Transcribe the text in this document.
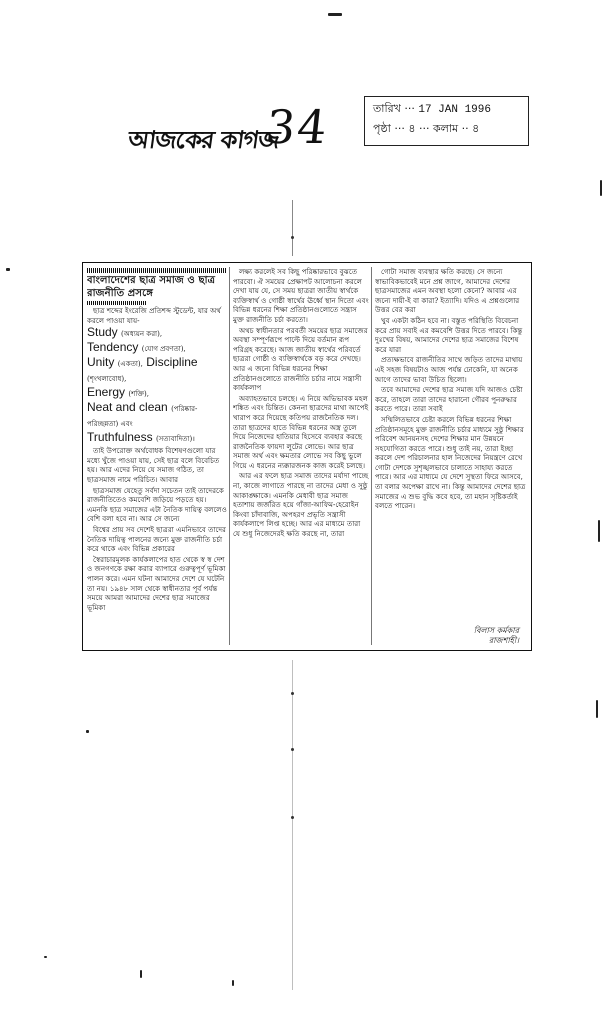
আজকের কাগজ
34	তারিখ ··· 17 JAN 1996
পৃষ্ঠা ··· ৪ ··· কলাম ·· ৪

বাংলাদেশের ছাত্র সমাজ ও ছাত্র রাজনীতি প্রসঙ্গে

ছাত্র শব্দের ইংরেজি প্রতিশব্দ স্টুডেন্ট, যার অর্থ করলে পাওয়া যায়-

Study (অধ্যয়ন করা),
Tendency (যোগ প্রবণতা),
Unity (একতা), Discipline (শৃংখলাবোধ),
Energy (শক্তি),
Neat and clean (পরিষ্কার-পরিচ্ছন্নতা) এবং
Truthfulness (সত্যবাদিতা)।

তাই উপরোক্ত অর্থবোধক বিশেষণগুলো যার মধ্যে খুঁজে পাওয়া যায়, সেই ছাত্র বলে বিবেচিত হয়। আর এদের নিয়ে যে সমাজ গঠিত, তা ছাত্রসমাজ নামে পরিচিত। আবার

ছাত্রসমাজ যেহেতু সর্বদা সচেতন তাই তাদেরকে রাজনীতিতেও কমবেশি জড়িয়ে পড়তে হয়। এমনকি ছাত্র সমাজের এটা নৈতিক দায়িত্ব বললেও বেশি বলা হবে না। আর সে জন্যে

বিশ্বের প্রায় সব দেশেই ছাত্ররা এমনিভাবে তাদের নৈতিক দায়িত্ব পালনের জন্যে মুক্ত রাজনীতি চর্চা করে থাকে এবং বিভিন্ন প্রকারের

স্বৈরাচারমূলক কার্যকলাপের হাত থেকে স্ব স্ব দেশ ও জনগণকে রক্ষা করার ব্যাপারে গুরুত্বপূর্ণ ভূমিকা পালন করে। এমন ঘটনা আমাদের দেশে যে ঘটেনি তা নয়। ১৯৪৮ সাল থেকে স্বাধীনতার পূর্ব পর্যন্ত সময়ে আমরা আমাদের দেশের ছাত্র সমাজের ভূমিকা

লক্ষ্য করলেই সব কিছু পরিষ্কারভাবে বুঝতে পারবো। ঐ সময়ের প্রেক্ষাপট আলোচনা করলে দেখা যায় যে, সে সময় ছাত্ররা জাতীয় স্বার্থকে ব্যক্তিস্বার্থ ও গোষ্ঠী স্বার্থের ঊর্ধ্বে স্থান দিতো এবং বিভিন্ন ধরনের শিক্ষা প্রতিষ্ঠানগুলোতে সন্ত্রাস মুক্ত রাজনীতি চর্চা করতো।

অথচ স্বাধীনতার পরবর্তী সময়ের ছাত্র সমাজের অবস্থা সম্পূর্ণরূপে পাল্টে দিয়ে বর্তমান রূপ পরিগ্রহ করেছে। আজ জাতীয় স্বার্থের পরিবর্তে ছাত্ররা গোষ্ঠী ও ব্যক্তিস্বার্থকে বড় করে দেখছে। আর এ জন্যে বিভিন্ন ধরনের শিক্ষা প্রতিষ্ঠানগুলোতে রাজনীতি চর্চার নামে সন্ত্রাসী কার্যকলাপ

অব্যাহতভাবে চলছে। এ নিয়ে অভিভাবক মহল শঙ্কিত এবং চিন্তিত। কেননা ছাত্রদের মাথা আপেই খারাপ করে দিয়েছে কতিপয় রাজনৈতিক দল। তারা ছাত্রদের হাতে বিভিন্ন ধরনের অস্ত্র তুলে দিয়ে নিজেদের হাতিয়ার হিসেবে ব্যবহার করছে রাজনৈতিক ফায়দা লুটের লোভে। আর ছাত্র সমাজ অর্থ এবং ক্ষমতার লোভে সব কিছু ভুলে গিয়ে এ ধরনের ন্যক্কারজনক কাজ করেই চলছে।

আর এর ফলে ছাত্র সমাজ তাদের মর্যাদা পাচ্ছে না, কাজে লাগাতে পারছে না তাদের মেধা ও সুষ্ঠু আকাঙ্ক্ষাকে। এমনকি মেধাবী ছাত্র সমাজ হতাশায় জর্জরিত হয়ে গাঁজা-আফিম-হেরোইন কিংবা চাঁদাবাজি, অপহরণ প্রভৃতি সন্ত্রাসী কার্যকলাপে লিপ্ত হচ্ছে। আর এর মাধ্যমে তারা যে শুধু নিজেদেরই ক্ষতি করছে না, তারা

গোটা সমাজ ব্যবস্থার ক্ষতি করছে। সে জন্যে স্বাভাবিকভাবেই মনে প্রশ্ন জাগে, আমাদের দেশের ছাত্রসমাজের এমন অবস্থা হলো কেনো? আবার এর জন্যে দায়ী-ই বা কারা? ইত্যাদি। যদিও এ প্রশ্নগুলোর উত্তর বের করা

খুব একটা কঠিন হবে না। বস্তুত পরিস্থিতি বিবেচনা করে প্রায় সবাই এর কমবেশি উত্তর দিতে পারবে। কিন্তু দুঃখের বিষয়, আমাদের দেশের ছাত্র সমাজের বিশেষ করে যারা

প্রত্যক্ষভাবে রাজনীতির সাথে জড়িত তাদের মাথায় এই সহজ বিষয়টাও আজ পর্যন্ত ঢোকেনি, যা অনেক আগে তাদের ভাবা উচিত ছিলো।

তবে আমাদের দেশের ছাত্র সমাজ যদি আজও চেষ্টা করে, তাহলে তারা তাদের হারানো গৌরব পুনরুদ্ধার করতে পারে। তারা সবাই

সম্মিলিতভাবে চেষ্টা করলে বিভিন্ন ধরনের শিক্ষা প্রতিষ্ঠানসমূহে মুক্ত রাজনীতি চর্চার মাধ্যমে সুষ্ঠু শিক্ষার পরিবেশ আনয়নসহ দেশের শিক্ষার মান উন্নয়নে সহযোগিতা করতে পারে। শুধু তাই নয়, তারা ইচ্ছা করলে দেশ পরিচালনার হাল নিজেদের নিয়ন্ত্রণে রেখে গোটা দেশকে সুশৃঙ্খলভাবে চালাতে সাহায্য করতে পারে। আর এর মাধ্যমে যে দেশে সুস্থতা ফিরে আসবে, তা বলার অপেক্ষা রাখে না। কিন্তু আমাদের দেশের ছাত্র সমাজের এ শুভ বুদ্ধি কবে হবে, তা মহান সৃষ্টিকর্তাই বলতে পারেন।

বিলাস কর্মকার
রাজশাহী।
